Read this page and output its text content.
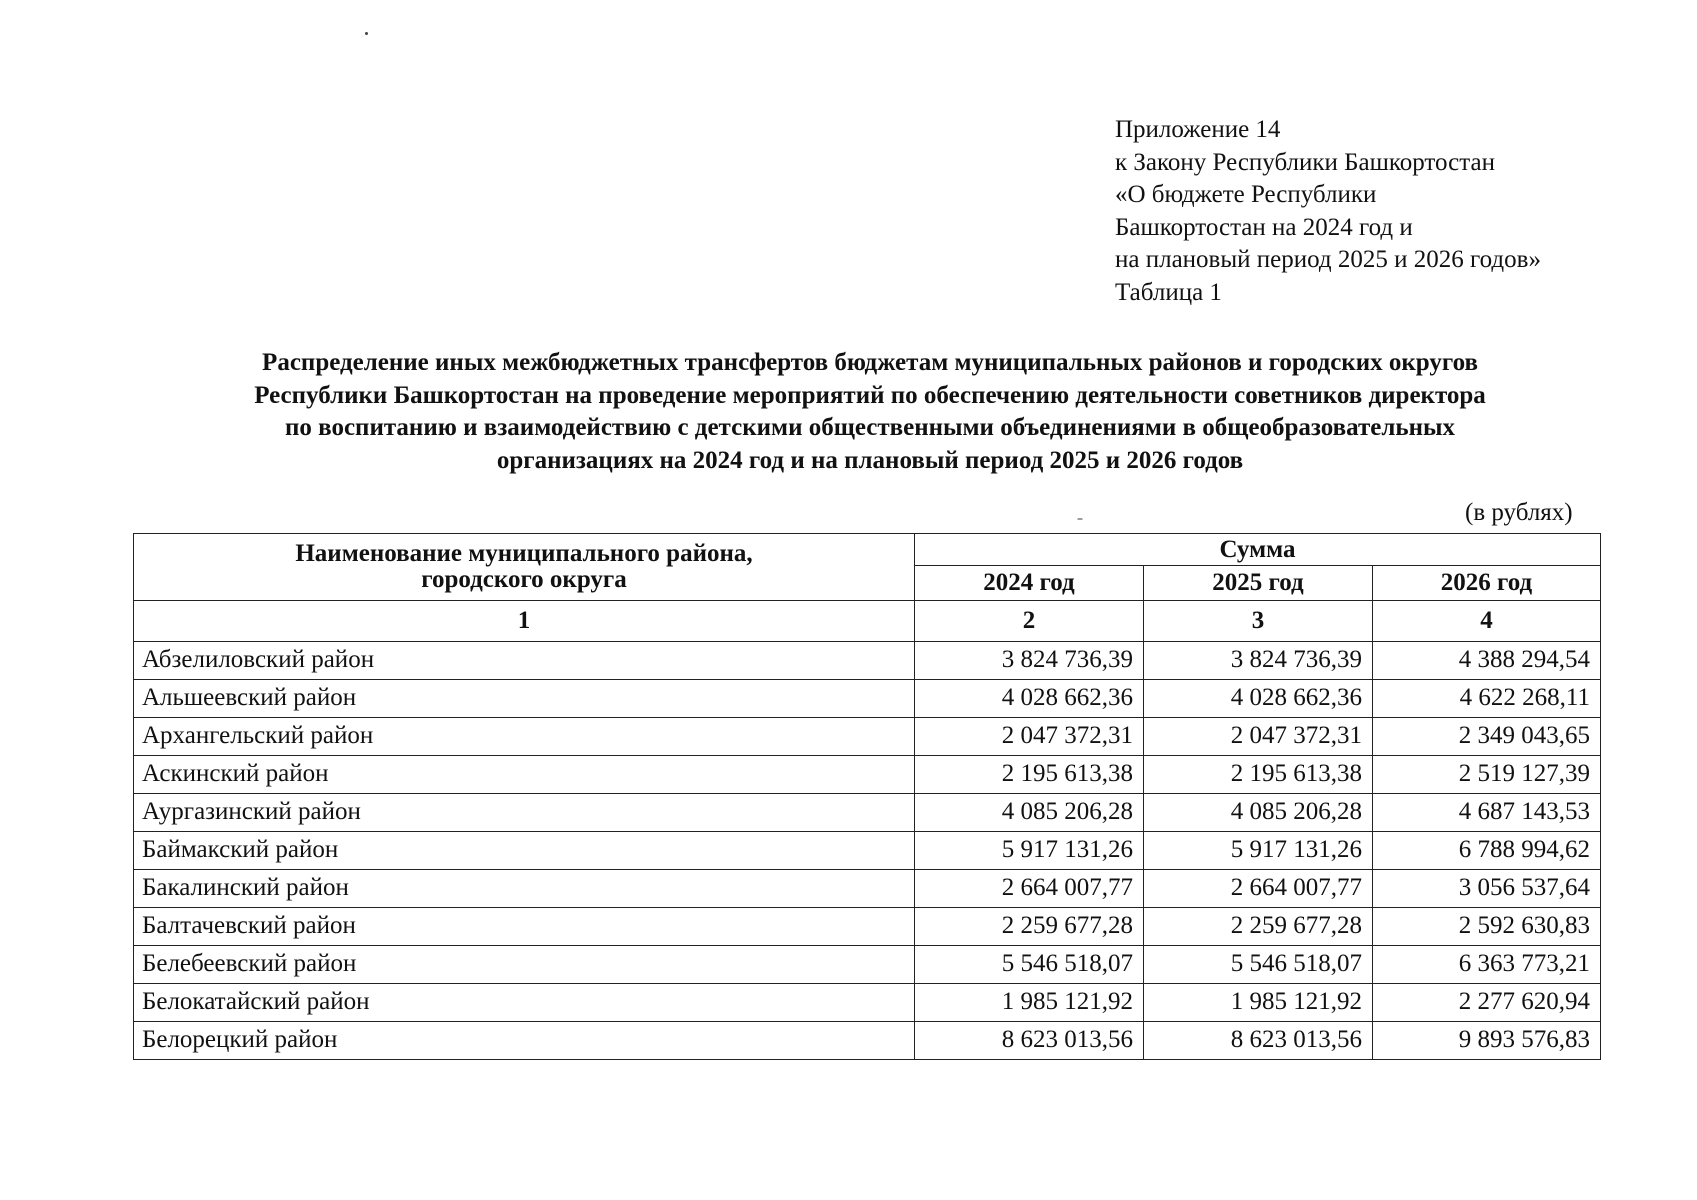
Приложение 14
к Закону Республики Башкортостан
«О бюджете Республики
Башкортостан на 2024 год и
на плановый период 2025 и 2026 годов»
Таблица 1
Распределение иных межбюджетных трансфертов бюджетам муниципальных районов и городских округов
Республики Башкортостан на проведение мероприятий по обеспечению деятельности советников директора
по воспитанию и взаимодействию с детскими общественными объединениями в общеобразовательных
организациях на 2024 год и на плановый период 2025 и 2026 годов
(в рублях)
Наименование муниципального района,
городского округа	Сумма		
	2024 год	2025 год	2026 год
1	2	3	4
Абзелиловский район	3 824 736,39	3 824 736,39	4 388 294,54
Альшеевский район	4 028 662,36	4 028 662,36	4 622 268,11
Архангельский район	2 047 372,31	2 047 372,31	2 349 043,65
Аскинский район	2 195 613,38	2 195 613,38	2 519 127,39
Аургазинский район	4 085 206,28	4 085 206,28	4 687 143,53
Баймакский район	5 917 131,26	5 917 131,26	6 788 994,62
Бакалинский район	2 664 007,77	2 664 007,77	3 056 537,64
Балтачевский район	2 259 677,28	2 259 677,28	2 592 630,83
Белебеевский район	5 546 518,07	5 546 518,07	6 363 773,21
Белокатайский район	1 985 121,92	1 985 121,92	2 277 620,94
Белорецкий район	8 623 013,56	8 623 013,56	9 893 576,83
